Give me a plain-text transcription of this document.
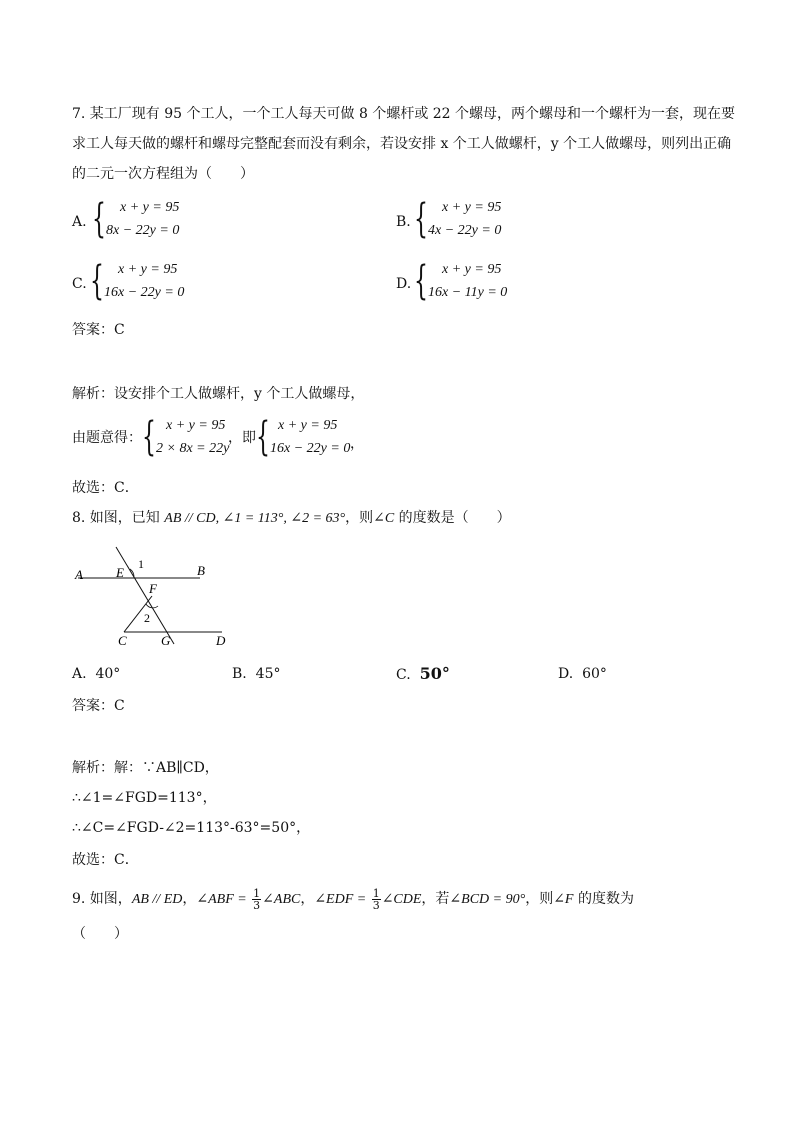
7. 某工厂现有 95 个工人，一个工人每天可做 8 个螺杆或 22 个螺母，两个螺母和一个螺杆为一套，现在要
求工人每天做的螺杆和螺母完整配套而没有剩余，若设安排 x 个工人做螺杆，y 个工人做螺母，则列出正确
的二元一次方程组为（　　）
A. { x + y = 95
8x − 22y = 0
B. { x + y = 95
4x − 22y = 0
C. { x + y = 95
16x − 22y = 0
D. { x + y = 95
16x − 11y = 0
答案：C
解析：设安排个工人做螺杆，y 个工人做螺母，
由题意得： { x + y = 95
2 × 8x = 22y
，即 { x + y = 95
16x − 22y = 0 ，
故选：C．
8. 如图，已知 AB // CD, ∠1 = 113°, ∠2 = 63°，则∠C 的度数是（　　）
A	E
1	B
F
2
C	G	D
A. 40°	B. 45°	C. 50°	D. 60°
答案：C
解析：解：∵AB∥CD，
∴∠1=∠FGD=113°，
∴∠C=∠FGD-∠2=113°-63°=50°，
故选：C．
9. 如图，AB // ED，∠ABF = $\frac{1}{3}$ ∠ABC，∠EDF = $\frac{1}{3}$ ∠CDE，若∠BCD = 90°，则∠F 的度数为
（　　）
